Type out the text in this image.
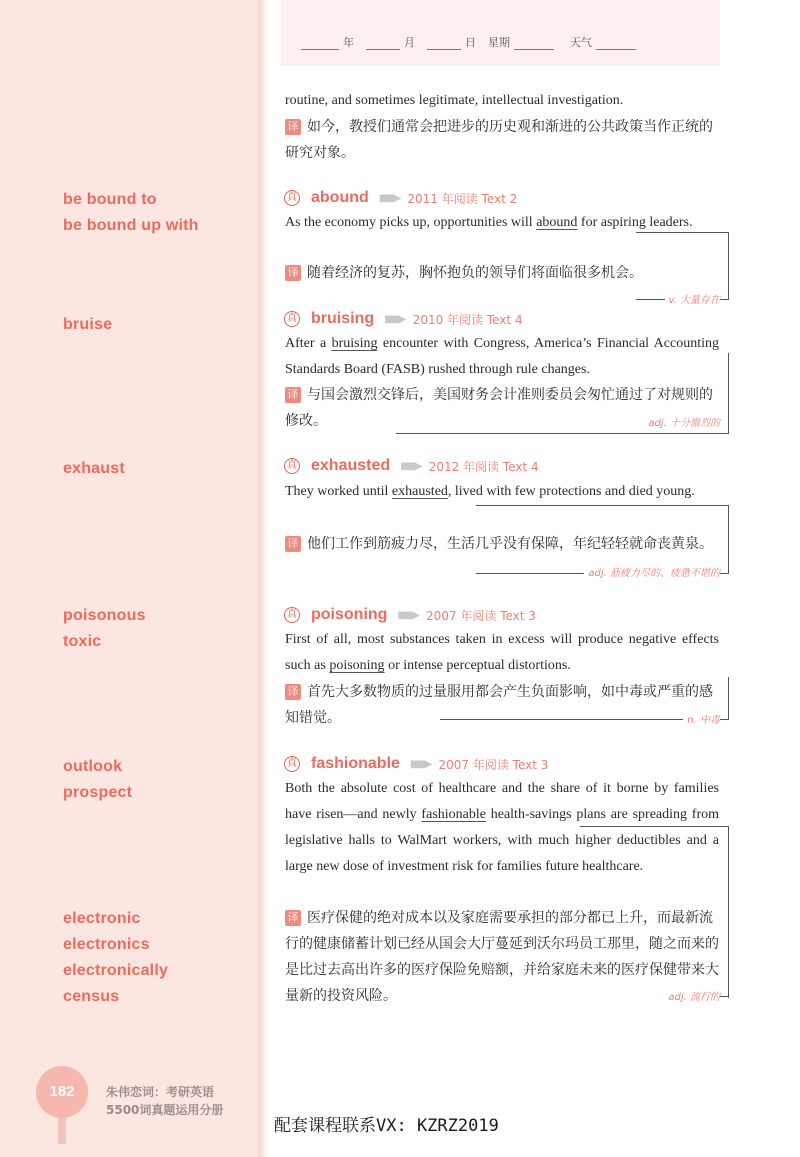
be bound to
be bound up with
bruise
exhaust
poisonous
toxic
outlook
prospect
electronic
electronics
electronically
census
年	月	日 星期	天气
routine, and sometimes legitimate, intellectual investigation.
译 如今，教授们通常会把进步的历史观和渐进的公共政策当作正统的研究对象。
真 abound ■■▶ 2011 年阅读 Text 2
As the economy picks up, opportunities will abound for aspiring leaders.
译 随着经济的复苏，胸怀抱负的领导们将面临很多机会。
v. 大量存在
真 bruising ■■▶ 2010 年阅读 Text 4
After a bruising encounter with Congress, America’s Financial Accounting Standards Board (FASB) rushed through rule changes.
译 与国会激烈交锋后，美国财务会计准则委员会匆忙通过了对规则的修改。	adj. 十分激烈的
真 exhausted ■■▶ 2012 年阅读 Text 4
They worked until exhausted, lived with few protections and died young.
译 他们工作到筋疲力尽，生活几乎没有保障，年纪轻轻就命丧黄泉。
adj. 筋疲力尽的、疲惫不堪的
真 poisoning ■■▶ 2007 年阅读 Text 3
First of all, most substances taken in excess will produce negative effects such as poisoning or intense perceptual distortions.
译 首先大多数物质的过量服用都会产生负面影响，如中毒或严重的感知错觉。	n. 中毒
真 fashionable ■■▶ 2007 年阅读 Text 3
Both the absolute cost of healthcare and the share of it borne by families have risen—and newly fashionable health-savings plans are spreading from legislative halls to WalMart workers, with much higher deductibles and a large new dose of investment risk for families future healthcare.
译 医疗保健的绝对成本以及家庭需要承担的部分都已上升，而最新流行的健康储蓄计划已经从国会大厅蔓延到沃尔玛员工那里，随之而来的是比过去高出许多的医疗保险免赔额，并给家庭未来的医疗保健带来大量新的投资风险。	adj. 流行的
182	朱伟恋词：考研英语
5500词真题运用分册
配套课程联系VX: KZRZ2019
